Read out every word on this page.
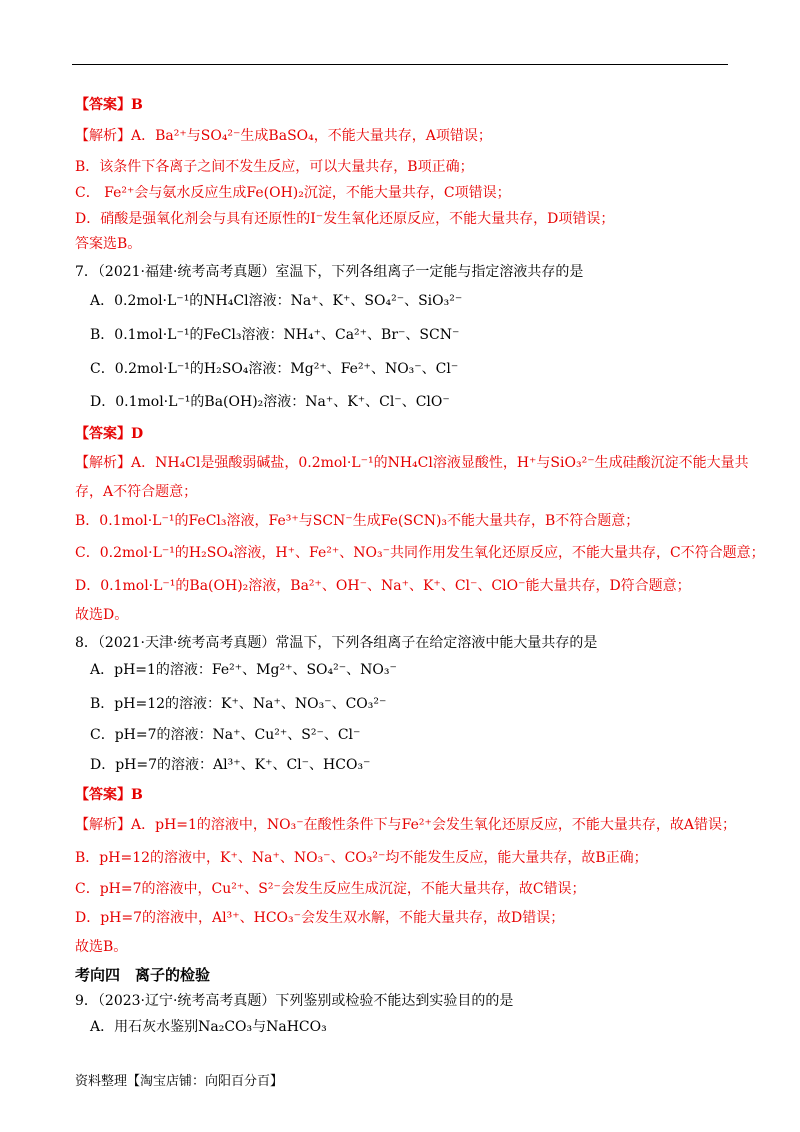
【答案】B
【解析】A．Ba²⁺与SO₄²⁻生成BaSO₄，不能大量共存，A项错误；
B．该条件下各离子之间不发生反应，可以大量共存，B项正确；
C． Fe²⁺会与氨水反应生成Fe(OH)₂沉淀，不能大量共存，C项错误；
D．硝酸是强氧化剂会与具有还原性的I⁻发生氧化还原反应，不能大量共存，D项错误；
答案选B。
7．（2021·福建·统考高考真题）室温下，下列各组离子一定能与指定溶液共存的是
A．0.2mol·L⁻¹的NH₄Cl溶液：Na⁺、K⁺、SO₄²⁻、SiO₃²⁻
B．0.1mol·L⁻¹的FeCl₃溶液：NH₄⁺、Ca²⁺、Br⁻、SCN⁻
C．0.2mol·L⁻¹的H₂SO₄溶液：Mg²⁺、Fe²⁺、NO₃⁻、Cl⁻
D．0.1mol·L⁻¹的Ba(OH)₂溶液：Na⁺、K⁺、Cl⁻、ClO⁻
【答案】D
【解析】A．NH₄Cl是强酸弱碱盐，0.2mol·L⁻¹的NH₄Cl溶液显酸性，H⁺与SiO₃²⁻生成硅酸沉淀不能大量共
存，A不符合题意；
B．0.1mol·L⁻¹的FeCl₃溶液，Fe³⁺与SCN⁻生成Fe(SCN)₃不能大量共存，B不符合题意；
C．0.2mol·L⁻¹的H₂SO₄溶液，H⁺、Fe²⁺、NO₃⁻共同作用发生氧化还原反应，不能大量共存，C不符合题意；
D．0.1mol·L⁻¹的Ba(OH)₂溶液，Ba²⁺、OH⁻、Na⁺、K⁺、Cl⁻、ClO⁻能大量共存，D符合题意；
故选D。
8．（2021·天津·统考高考真题）常温下，下列各组离子在给定溶液中能大量共存的是
A．pH=1的溶液：Fe²⁺、Mg²⁺、SO₄²⁻、NO₃⁻
B．pH=12的溶液：K⁺、Na⁺、NO₃⁻、CO₃²⁻
C．pH=7的溶液：Na⁺、Cu²⁺、S²⁻、Cl⁻
D．pH=7的溶液：Al³⁺、K⁺、Cl⁻、HCO₃⁻
【答案】B
【解析】A．pH=1的溶液中，NO₃⁻在酸性条件下与Fe²⁺会发生氧化还原反应，不能大量共存，故A错误；
B．pH=12的溶液中，K⁺、Na⁺、NO₃⁻、CO₃²⁻均不能发生反应，能大量共存，故B正确；
C．pH=7的溶液中，Cu²⁺、S²⁻会发生反应生成沉淀，不能大量共存，故C错误；
D．pH=7的溶液中，Al³⁺、HCO₃⁻会发生双水解，不能大量共存，故D错误；
故选B。
考向四　离子的检验
9．（2023·辽宁·统考高考真题）下列鉴别或检验不能达到实验目的的是
A．用石灰水鉴别Na₂CO₃与NaHCO₃
资料整理【淘宝店铺：向阳百分百】
